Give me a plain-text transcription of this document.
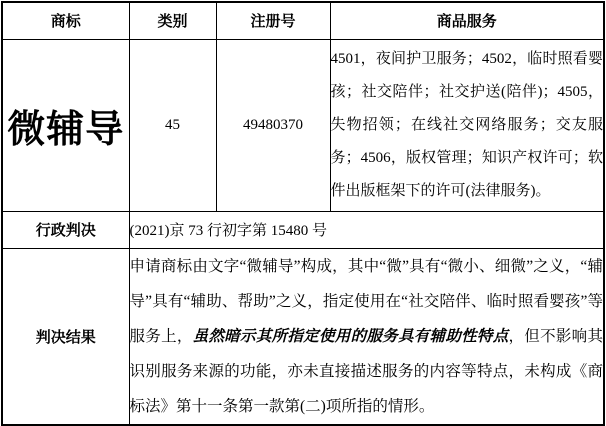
商标	类别	注册号	商品服务
微辅导	45	49480370	4501，夜间护卫服务；4502，临时照看婴孩；社交陪伴；社交护送(陪伴)；4505，失物招领；在线社交网络服务；交友服务；4506，版权管理；知识产权许可；软件出版框架下的许可(法律服务)。
行政判决	(2021)京 73 行初字第 15480 号		
判决结果	申请商标由文字“微辅导”构成，其中“微”具有“微小、细微”之义，“辅导”具有“辅助、帮助”之义，指定使用在“社交陪伴、临时照看婴孩”等服务上，虽然暗示其所指定使用的服务具有辅助性特点，但不影响其识别服务来源的功能，亦未直接描述服务的内容等特点，未构成《商标法》第十一条第一款第(二)项所指的情形。		
